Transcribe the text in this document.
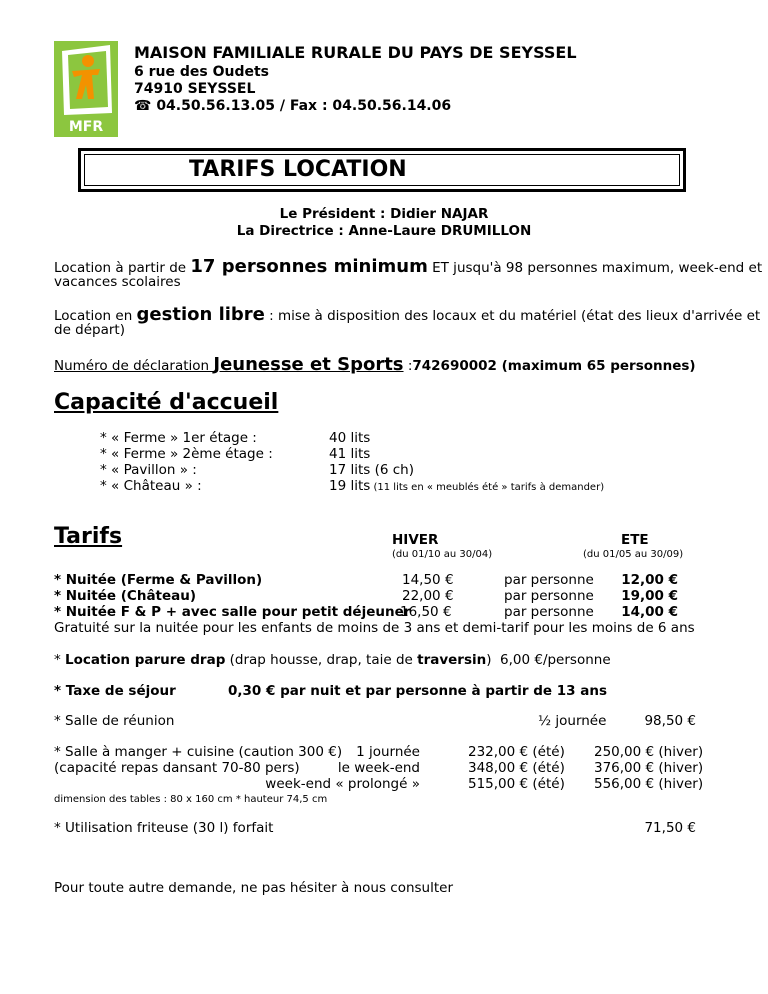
MFR
MAISON FAMILIALE RURALE DU PAYS DE SEYSSEL
6 rue des Oudets
74910 SEYSSEL
☎ 04.50.56.13.05 / Fax : 04.50.56.14.06
TARIFS LOCATION
Le Président : Didier NAJAR
La Directrice : Anne-Laure DRUMILLON
Location à partir de 17 personnes minimum ET jusqu'à 98 personnes maximum, week-end et
vacances scolaires
Location en gestion libre : mise à disposition des locaux et du matériel (état des lieux d'arrivée et
de départ)
Numéro de déclaration Jeunesse et Sports :742690002 (maximum 65 personnes)
Capacité d'accueil
* « Ferme » 1er étage :	40 lits
* « Ferme » 2ème étage :	41 lits
* « Pavillon » :	17 lits (6 ch)
* « Château » :	19 lits (11 lits en « meublés été » tarifs à demander)
Tarifs	HIVER
(du 01/10 au 30/04)
ETE
(du 01/05 au 30/09)
* Nuitée (Ferme & Pavillon)	14,50 €	par personne	12,00 €
* Nuitée (Château)	22,00 €	par personne	19,00 €
* Nuitée F & P + avec salle pour petit déjeuner
16,50 €	par personne	14,00 €
Gratuité sur la nuitée pour les enfants de moins de 3 ans et demi-tarif pour les moins de 6 ans
* Location parure drap (drap housse, drap, taie de traversin) 6,00 €/personne
* Taxe de séjour	0,30 € par nuit et par personne à partir de 13 ans
* Salle de réunion	½ journée	98,50 €
* Salle à manger + cuisine (caution 300 €)
(capacité repas dansant 70-80 pers)
1 journée	232,00 € (été) 250,00 € (hiver)
le week-end	348,00 € (été) 376,00 € (hiver)
week-end « prolongé »	515,00 € (été) 556,00 € (hiver)
dimension des tables : 80 x 160 cm * hauteur 74,5 cm
* Utilisation friteuse (30 l) forfait	71,50 €
Pour toute autre demande, ne pas hésiter à nous consulter
